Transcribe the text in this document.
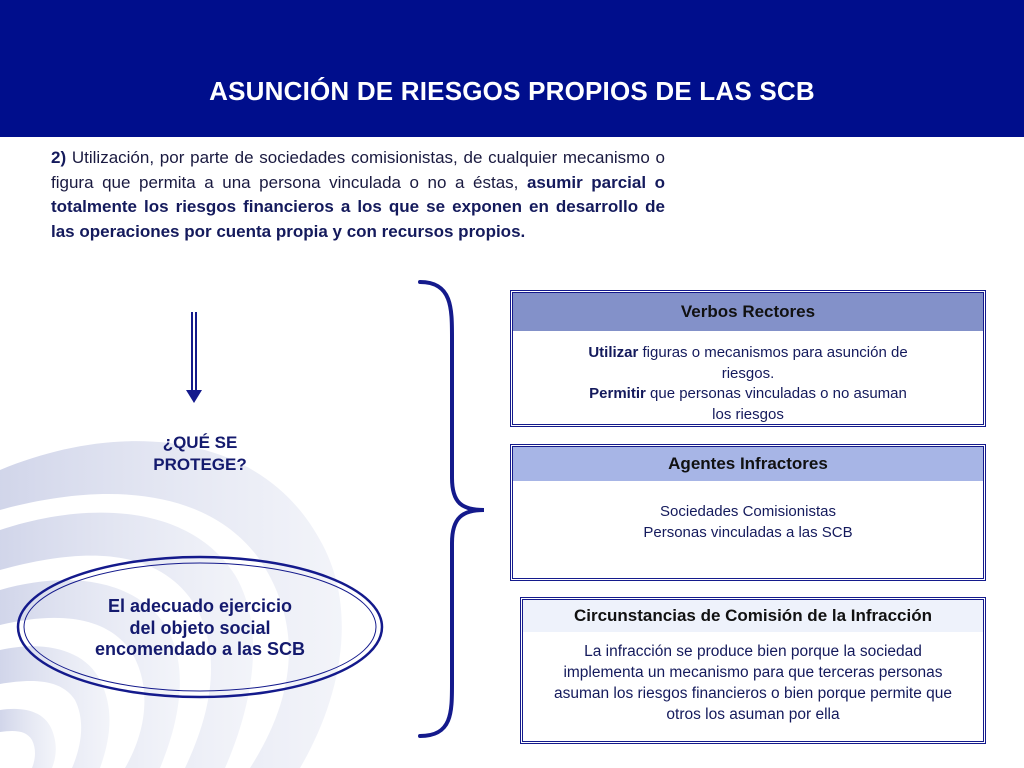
ASUNCIÓN DE RIESGOS PROPIOS DE LAS SCB
2) Utilización, por parte de sociedades comisionistas, de cualquier mecanismo o figura que permita a una persona vinculada o no a éstas, asumir parcial o totalmente los riesgos financieros a los que se exponen en desarrollo de las operaciones por cuenta propia y con recursos propios.
¿QUÉ SE
PROTEGE?
El adecuado ejercicio
del objeto social
encomendado a las SCB
Verbos Rectores
Utilizar figuras o mecanismos para asunción de
riesgos.
Permitir que personas vinculadas o no asuman
los riesgos
Agentes Infractores
Sociedades Comisionistas
Personas vinculadas a las SCB
Circunstancias de Comisión de la Infracción
La infracción se produce bien porque la sociedad
implementa un mecanismo para que terceras personas
asuman los riesgos financieros o bien porque permite que
otros los asuman por ella
